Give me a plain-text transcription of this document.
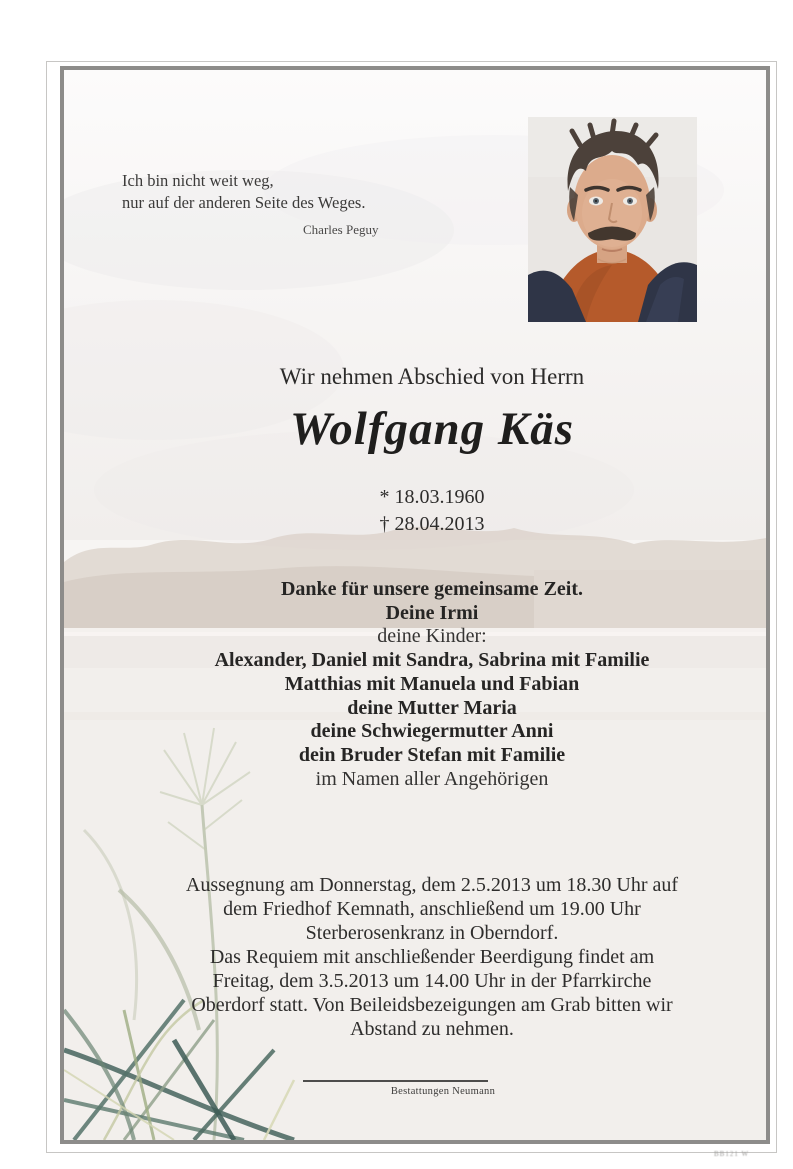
Ich bin nicht weit weg,
nur auf der anderen Seite des Weges.
Charles Peguy
Wir nehmen Abschied von Herrn
Wolfgang Käs
* 18.03.1960
† 28.04.2013
Danke für unsere gemeinsame Zeit.
Deine Irmi
deine Kinder:
Alexander, Daniel mit Sandra, Sabrina mit Familie
Matthias mit Manuela und Fabian
deine Mutter Maria
deine Schwiegermutter Anni
dein Bruder Stefan mit Familie
im Namen aller Angehörigen
Aussegnung am Donnerstag, dem 2.5.2013 um 18.30 Uhr auf
dem Friedhof Kemnath, anschließend um 19.00 Uhr
Sterberosenkranz in Oberndorf.
Das Requiem mit anschließender Beerdigung findet am
Freitag, dem 3.5.2013 um 14.00 Uhr in der Pfarrkirche
Oberdorf statt. Von Beileidsbezeigungen am Grab bitten wir
Abstand zu nehmen.
Bestattungen Neumann
BB121 W
